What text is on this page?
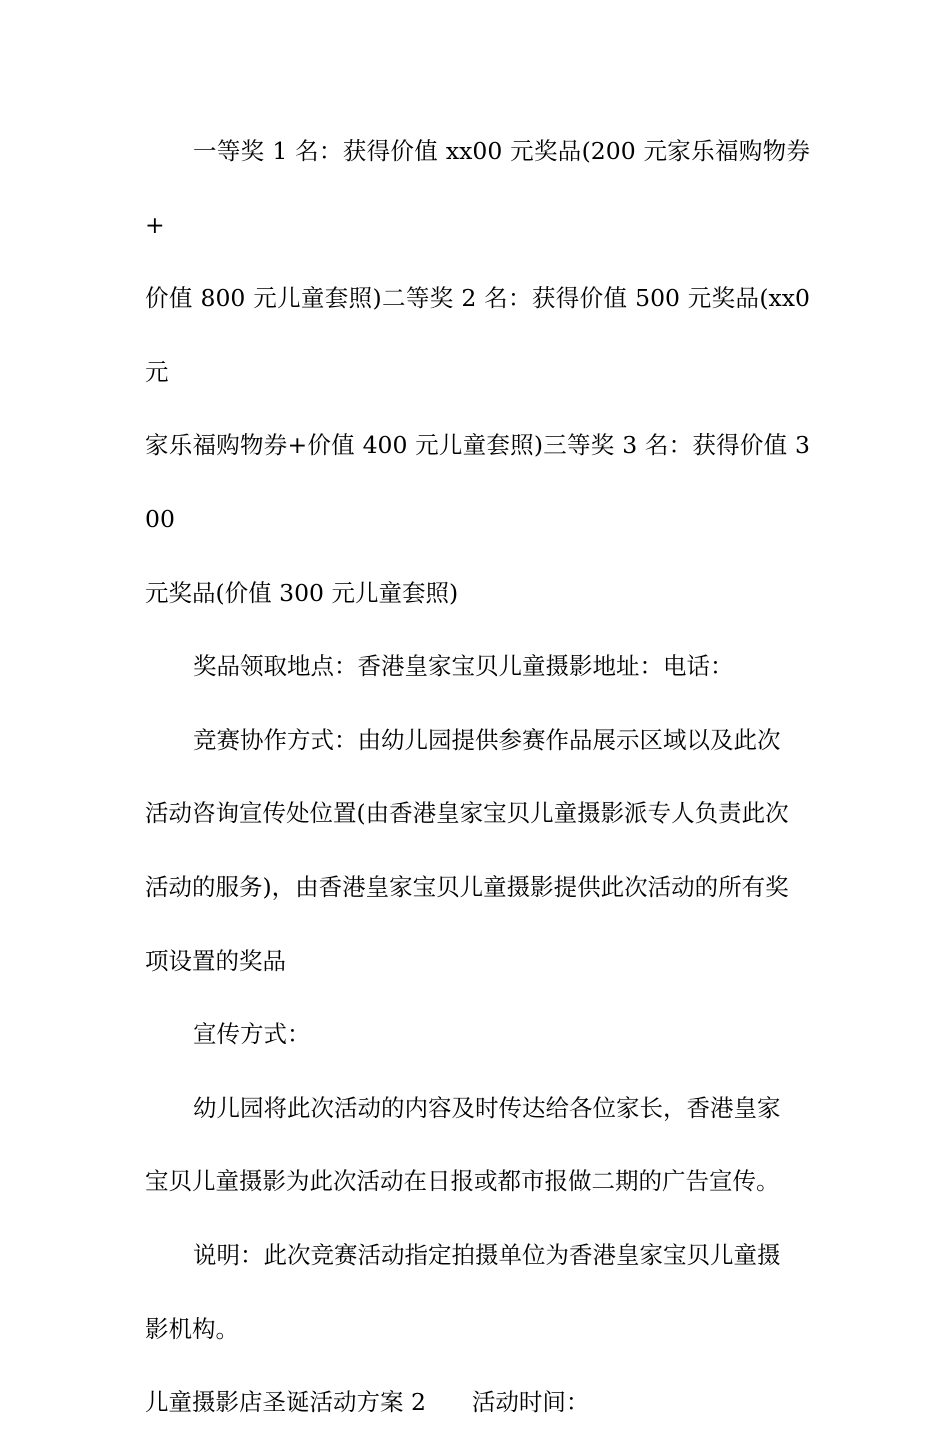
一等奖 1 名：获得价值 xx00 元奖品(200 元家乐福购物券+
价值 800 元儿童套照)二等奖 2 名：获得价值 500 元奖品(xx0 元
家乐福购物券+价值 400 元儿童套照)三等奖 3 名：获得价值 300
元奖品(价值 300 元儿童套照)

奖品领取地点：香港皇家宝贝儿童摄影地址：电话：

竞赛协作方式：由幼儿园提供参赛作品展示区域以及此次
活动咨询宣传处位置(由香港皇家宝贝儿童摄影派专人负责此次
活动的服务)，由香港皇家宝贝儿童摄影提供此次活动的所有奖
项设置的奖品

宣传方式：

幼儿园将此次活动的内容及时传达给各位家长，香港皇家
宝贝儿童摄影为此次活动在日报或都市报做二期的广告宣传。

说明：此次竞赛活动指定拍摄单位为香港皇家宝贝儿童摄
影机构。

儿童摄影店圣诞活动方案 2 活动时间：
